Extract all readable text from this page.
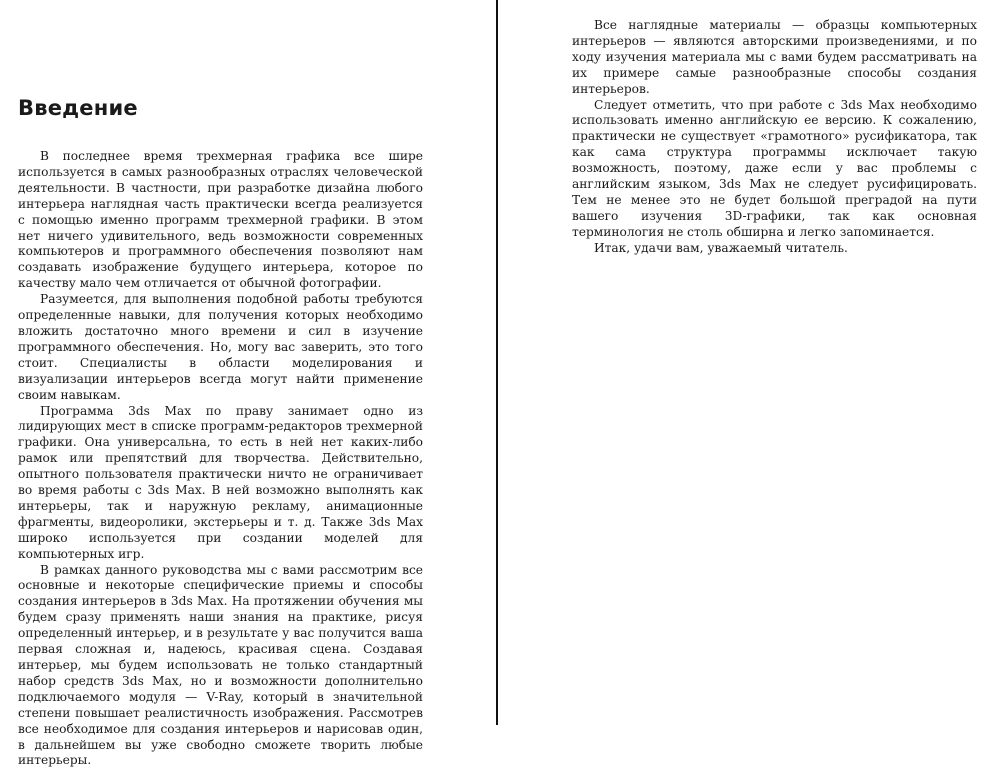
Введение

В последнее время трехмерная графика все шире используется в самых разнообразных отраслях человеческой деятельности. В частности, при разработке дизайна любого интерьера наглядная часть практически всегда реализуется с помощью именно программ трехмерной графики. В этом нет ничего удивительного, ведь возможности современных компьютеров и программного обеспечения позволяют нам создавать изображение будущего интерьера, которое по качеству мало чем отличается от обычной фотографии.

Разумеется, для выполнения подобной работы требуются определенные навыки, для получения которых необходимо вложить достаточно много времени и сил в изучение программного обеспечения. Но, могу вас заверить, это того стоит. Специалисты в области моделирования и визуализации интерьеров всегда могут найти применение своим навыкам.

Программа 3ds Max по праву занимает одно из лидирующих мест в списке программ-редакторов трехмерной графики. Она универсальна, то есть в ней нет каких-либо рамок или препятствий для творчества. Действительно, опытного пользователя практически ничто не ограничивает во время работы с 3ds Max. В ней возможно выполнять как интерьеры, так и наружную рекламу, анимационные фрагменты, видеоролики, экстерьеры и т. д. Также 3ds Max широко используется при создании моделей для компьютерных игр.

В рамках данного руководства мы с вами рассмотрим все основные и некоторые специфические приемы и способы создания интерьеров в 3ds Max. На протяжении обучения мы будем сразу применять наши знания на практике, рисуя определенный интерьер, и в результате у вас получится ваша первая сложная и, надеюсь, красивая сцена. Создавая интерьер, мы будем использовать не только стандартный набор средств 3ds Max, но и возможности дополнительно подключаемого модуля — V-Ray, который в значительной степени повышает реалистичность изображения. Рассмотрев все необходимое для создания интерьеров и нарисовав один, в дальнейшем вы уже свободно сможете творить любые интерьеры.

Все наглядные материалы — образцы компьютерных интерьеров — являются авторскими произведениями, и по ходу изучения материала мы с вами будем рассматривать на их примере самые разнообразные способы создания интерьеров.

Следует отметить, что при работе с 3ds Max необходимо использовать именно английскую ее версию. К сожалению, практически не существует «грамотного» русификатора, так как сама структура программы исключает такую возможность, поэтому, даже если у вас проблемы с английским языком, 3ds Max не следует русифицировать. Тем не менее это не будет большой преградой на пути вашего изучения 3D-графики, так как основная терминология не столь обширна и легко запоминается.

Итак, удачи вам, уважаемый читатель.
